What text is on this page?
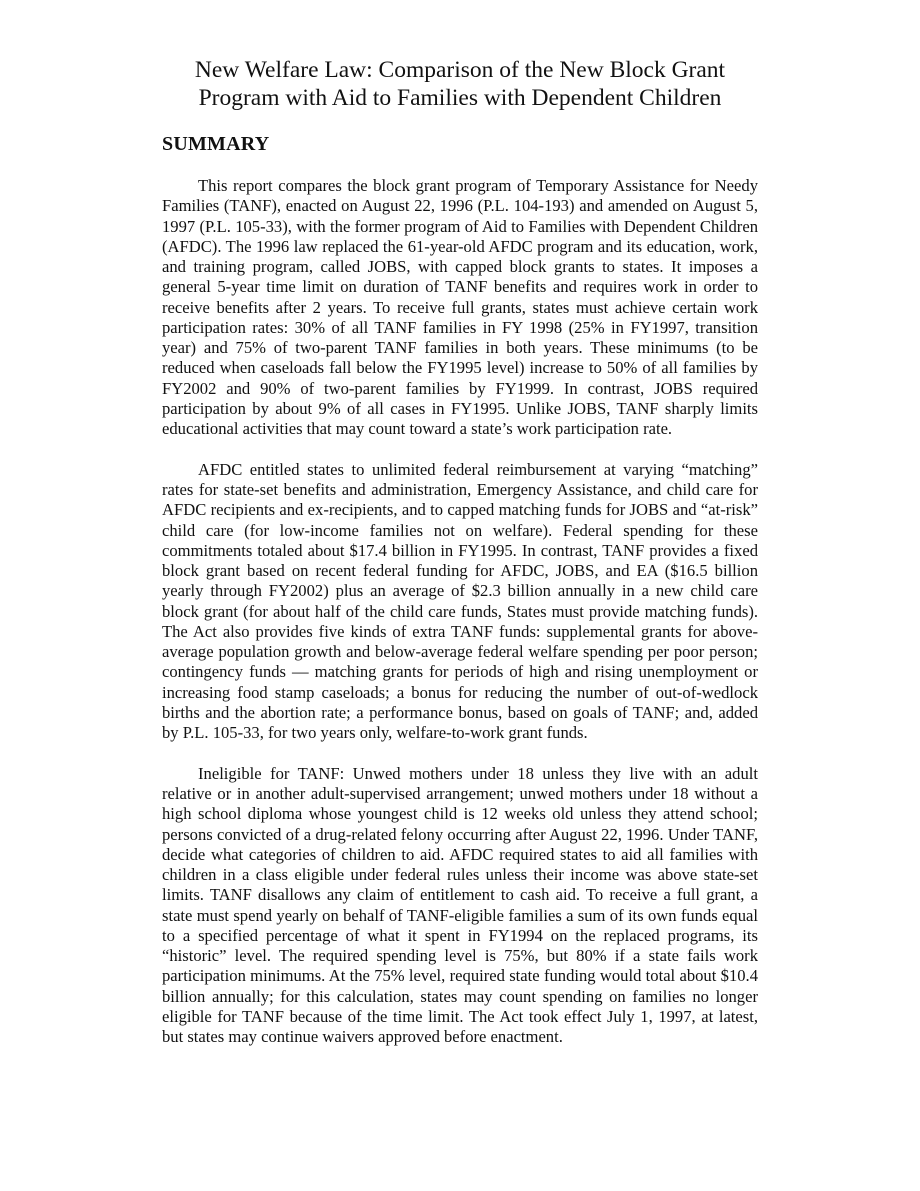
New Welfare Law: Comparison of the New Block Grant
Program with Aid to Families with Dependent Children
SUMMARY

This report compares the block grant program of Temporary Assistance for Needy Families (TANF), enacted on August 22, 1996 (P.L. 104-193) and amended on August 5, 1997 (P.L. 105-33), with the former program of Aid to Families with Dependent Children (AFDC). The 1996 law replaced the 61-year-old AFDC program and its education, work, and training program, called JOBS, with capped block grants to states. It imposes a general 5-year time limit on duration of TANF benefits and requires work in order to receive benefits after 2 years. To receive full grants, states must achieve certain work participation rates: 30% of all TANF families in FY 1998 (25% in FY1997, transition year) and 75% of two-parent TANF families in both years. These minimums (to be reduced when caseloads fall below the FY1995 level) increase to 50% of all families by FY2002 and 90% of two-parent families by FY1999. In contrast, JOBS required participation by about 9% of all cases in FY1995. Unlike JOBS, TANF sharply limits educational activities that may count toward a state’s work participation rate.

AFDC entitled states to unlimited federal reimbursement at varying “matching” rates for state-set benefits and administration, Emergency Assistance, and child care for AFDC recipients and ex-recipients, and to capped matching funds for JOBS and “at-risk” child care (for low-income families not on welfare). Federal spending for these commitments totaled about $17.4 billion in FY1995. In contrast, TANF provides a fixed block grant based on recent federal funding for AFDC, JOBS, and EA ($16.5 billion yearly through FY2002) plus an average of $2.3 billion annually in a new child care block grant (for about half of the child care funds, States must provide matching funds). The Act also provides five kinds of extra TANF funds: supplemental grants for above-average population growth and below-average federal welfare spending per poor person; contingency funds — matching grants for periods of high and rising unemployment or increasing food stamp caseloads; a bonus for reducing the number of out-of-wedlock births and the abortion rate; a performance bonus, based on goals of TANF; and, added by P.L. 105-33, for two years only, welfare-to-work grant funds.

Ineligible for TANF: Unwed mothers under 18 unless they live with an adult relative or in another adult-supervised arrangement; unwed mothers under 18 without a high school diploma whose youngest child is 12 weeks old unless they attend school; persons convicted of a drug-related felony occurring after August 22, 1996. Under TANF, decide what categories of children to aid. AFDC required states to aid all families with children in a class eligible under federal rules unless their income was above state-set limits. TANF disallows any claim of entitlement to cash aid. To receive a full grant, a state must spend yearly on behalf of TANF-eligible families a sum of its own funds equal to a specified percentage of what it spent in FY1994 on the replaced programs, its “historic” level. The required spending level is 75%, but 80% if a state fails work participation minimums. At the 75% level, required state funding would total about $10.4 billion annually; for this calculation, states may count spending on families no longer eligible for TANF because of the time limit. The Act took effect July 1, 1997, at latest, but states may continue waivers approved before enactment.
